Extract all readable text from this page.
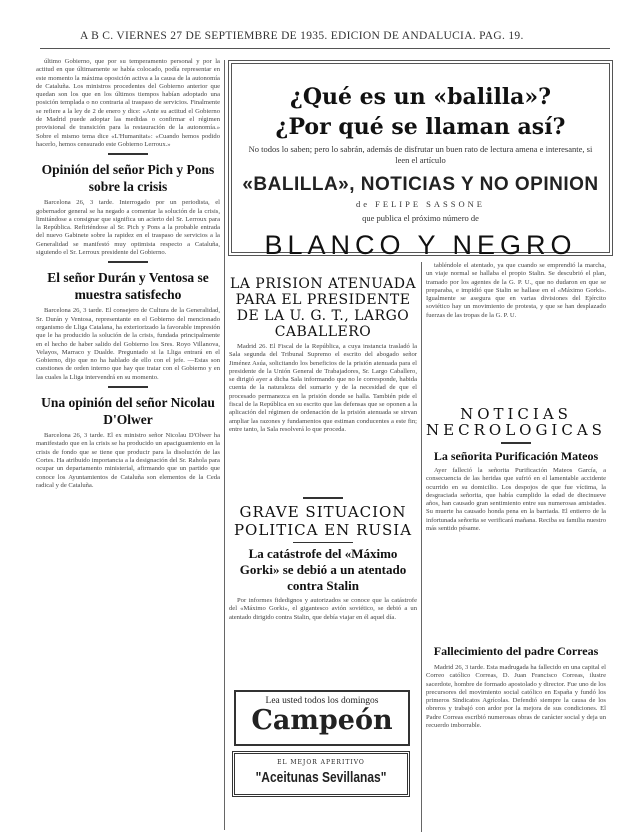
A B C. VIERNES 27 DE SEPTIEMBRE DE 1935. EDICION DE ANDALUCIA. PAG. 19.

último Gobierno, que por su temperamento personal y por la actitud en que últimamente se había colocado, podía representar en este momento la máxima oposición activa a la causa de la autonomía de Cataluña. Los ministros procedentes del Gobierno anterior que quedan son los que en los últimos tiempos habían adoptado una posición templada o no contraria al traspaso de servicios. Finalmente se refiere a la ley de 2 de enero y dice: «Ante su actitud el Gobierno de Madrid puede adoptar las medidas o confirmar el régimen provisional de transición para la restauración de la autonomía.» Sobre el mismo tema dice «L'Humanitat»: «Cuando hemos podido hacerlo, hemos censurado este Gobierno Lerroux.»

Opinión del señor Pich y Pons sobre la crisis

Barcelona 26, 3 tarde. Interrogado por un periodista, el gobernador general se ha negado a comentar la solución de la crisis, limitándose a consignar que significa un acierto del Sr. Lerroux para la República. Refiriéndose al Sr. Pich y Pons a la probable entrada del nuevo Gabinete sobre la rapidez en el traspaso de servicios a la Generalidad se manifestó muy optimista respecto a Cataluña, siguiendo el Sr. Lerroux presidente del Gobierno.

El señor Durán y Ventosa se muestra satisfecho

Barcelona 26, 3 tarde. El consejero de Cultura de la Generalidad, Sr. Durán y Ventosa, representante en el Gobierno del mencionado organismo de Lliga Catalana, ha exteriorizado la favorable impresión que le ha producido la solución de la crisis, fundada principalmente en el hecho de haber salido del Gobierno los Sres. Royo Villanova, Velayos, Marraco y Dualde. Preguntado si la Lliga entrará en el Gobierno, dijo que no ha hablado de ello con el jefe. —Estas son cuestiones de orden interno que hay que tratar con el Gobierno y en las cuales la Lliga intervendrá en su momento.

Una opinión del señor Nicolau D'Olwer

Barcelona 26, 3 tarde. El ex ministro señor Nicolau D'Olwer ha manifestado que en la crisis se ha producido un apaciguamiento en la crisis de fondo que se tiene que producir para la disolución de las Cortes. Ha atribuido importancia a la designación del Sr. Rahola para ocupar un departamento ministerial, afirmando que un partido que conoce los Ayuntamientos de Cataluña son elementos de la Ceda radical y de Cataluña.

¿Qué es un «balilla»?
¿Por qué se llaman así?
No todos lo saben; pero lo sabrán, además de disfrutar un buen rato de lectura amena e interesante, si leen el artículo
«BALILLA», NOTICIAS Y NO OPINION
de FELIPE SASSONE
que publica el próximo número de
BLANCO Y NEGRO
LA PRISION ATENUADA PARA EL PRESIDENTE DE LA U. G. T., LARGO CABALLERO

Madrid 26. El Fiscal de la República, a cuya instancia trasladó la Sala segunda del Tribunal Supremo el escrito del abogado señor Jiménez Asúa, solicitando los beneficios de la prisión atenuada para el presidente de la Unión General de Trabajadores, Sr. Largo Caballero, se dirigió ayer a dicha Sala informando que no le corresponde, habida cuenta de la naturaleza del sumario y de la necesidad de que el procesado permanezca en la prisión donde se halla. También pide el fiscal de la República en su escrito que las defensas que se oponen a la aplicación del régimen de ordenación de la prisión atenuada se sirvan ampliar las razones y fundamentos que estiman conducentes a este fin; entre tanto, la Sala resolverá lo que proceda.

GRAVE SITUACION POLITICA EN RUSIA
La catástrofe del «Máximo Gorki» se debió a un atentado contra Stalin

Por informes fidedignos y autorizados se conoce que la catástrofe del «Máximo Gorki», el gigantesco avión soviético, se debió a un atentado dirigido contra Stalin, que debía viajar en él aquel día.

Lea usted todos los domingos
Campeón
EL MEJOR APERITIVO
"Aceitunas Sevillanas"

tabléndole el atentado, ya que cuando se emprendió la marcha, un viaje normal se hallaba el propio Stalin. Se descubrió el plan, tramado por los agentes de la G. P. U., que no dudaron en que se preparaba, e impidió que Stalin se hallase en el «Máximo Gorki». Igualmente se asegura que en varias divisiones del Ejército soviético hay un movimiento de protesta, y que se han desplazado fuerzas de las tropas de la G. P. U.

NOTICIAS NECROLOGICAS
La señorita Purificación Mateos

Ayer falleció la señorita Purificación Mateos García, a consecuencia de las heridas que sufrió en el lamentable accidente ocurrido en su domicilio. Los despojos de que fue víctima, la desgraciada señorita, que había cumplido la edad de diecinueve años, han causado gran sentimiento entre sus numerosas amistades. Su muerte ha causado honda pena en la barriada. El entierro de la infortunada señorita se verificará mañana. Reciba su familia nuestro más sentido pésame.

Fallecimiento del padre Correas

Madrid 26, 3 tarde. Esta madrugada ha fallecido en una capital el Correo católico Correas, D. Juan Francisco Correas, ilustre sacerdote, hombre de formado apostolado y director. Fue uno de los precursores del movimiento social católico en España y fundó los primeros Sindicatos Agrícolas. Defendió siempre la causa de los obreros y trabajó con ardor por la mejora de sus condiciones. El Padre Correas escribió numerosas obras de carácter social y deja un recuerdo imborrable.
